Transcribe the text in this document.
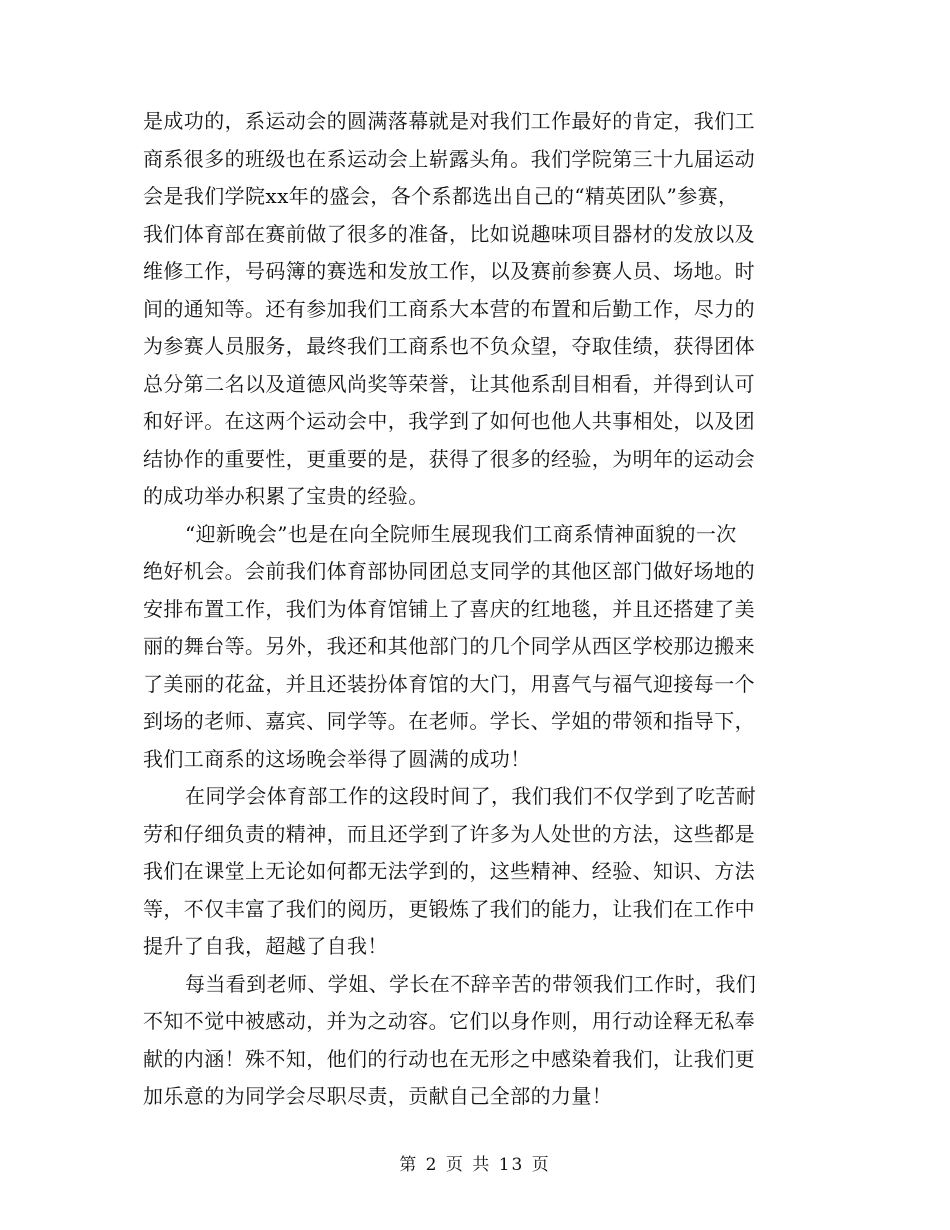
是成功的，系运动会的圆满落幕就是对我们工作最好的肯定，我们工
商系很多的班级也在系运动会上崭露头角。我们学院第三十九届运动
会是我们学院xx年的盛会，各个系都选出自己的“精英团队”参赛，
我们体育部在赛前做了很多的准备，比如说趣味项目器材的发放以及
维修工作，号码簿的赛选和发放工作，以及赛前参赛人员、场地。时
间的通知等。还有参加我们工商系大本营的布置和后勤工作，尽力的
为参赛人员服务，最终我们工商系也不负众望，夺取佳绩，获得团体
总分第二名以及道德风尚奖等荣誉，让其他系刮目相看，并得到认可
和好评。在这两个运动会中，我学到了如何也他人共事相处，以及团
结协作的重要性，更重要的是，获得了很多的经验，为明年的运动会
的成功举办积累了宝贵的经验。
“迎新晚会”也是在向全院师生展现我们工商系情神面貌的一次
绝好机会。会前我们体育部协同团总支同学的其他区部门做好场地的
安排布置工作，我们为体育馆铺上了喜庆的红地毯，并且还搭建了美
丽的舞台等。另外，我还和其他部门的几个同学从西区学校那边搬来
了美丽的花盆，并且还装扮体育馆的大门，用喜气与福气迎接每一个
到场的老师、嘉宾、同学等。在老师。学长、学姐的带领和指导下，
我们工商系的这场晚会举得了圆满的成功！
在同学会体育部工作的这段时间了，我们我们不仅学到了吃苦耐
劳和仔细负责的精神，而且还学到了许多为人处世的方法，这些都是
我们在课堂上无论如何都无法学到的，这些精神、经验、知识、方法
等，不仅丰富了我们的阅历，更锻炼了我们的能力，让我们在工作中
提升了自我，超越了自我！
每当看到老师、学姐、学长在不辞辛苦的带领我们工作时，我们
不知不觉中被感动，并为之动容。它们以身作则，用行动诠释无私奉
献的内涵！殊不知，他们的行动也在无形之中感染着我们，让我们更
加乐意的为同学会尽职尽责，贡献自己全部的力量！
第 2 页 共 13 页
